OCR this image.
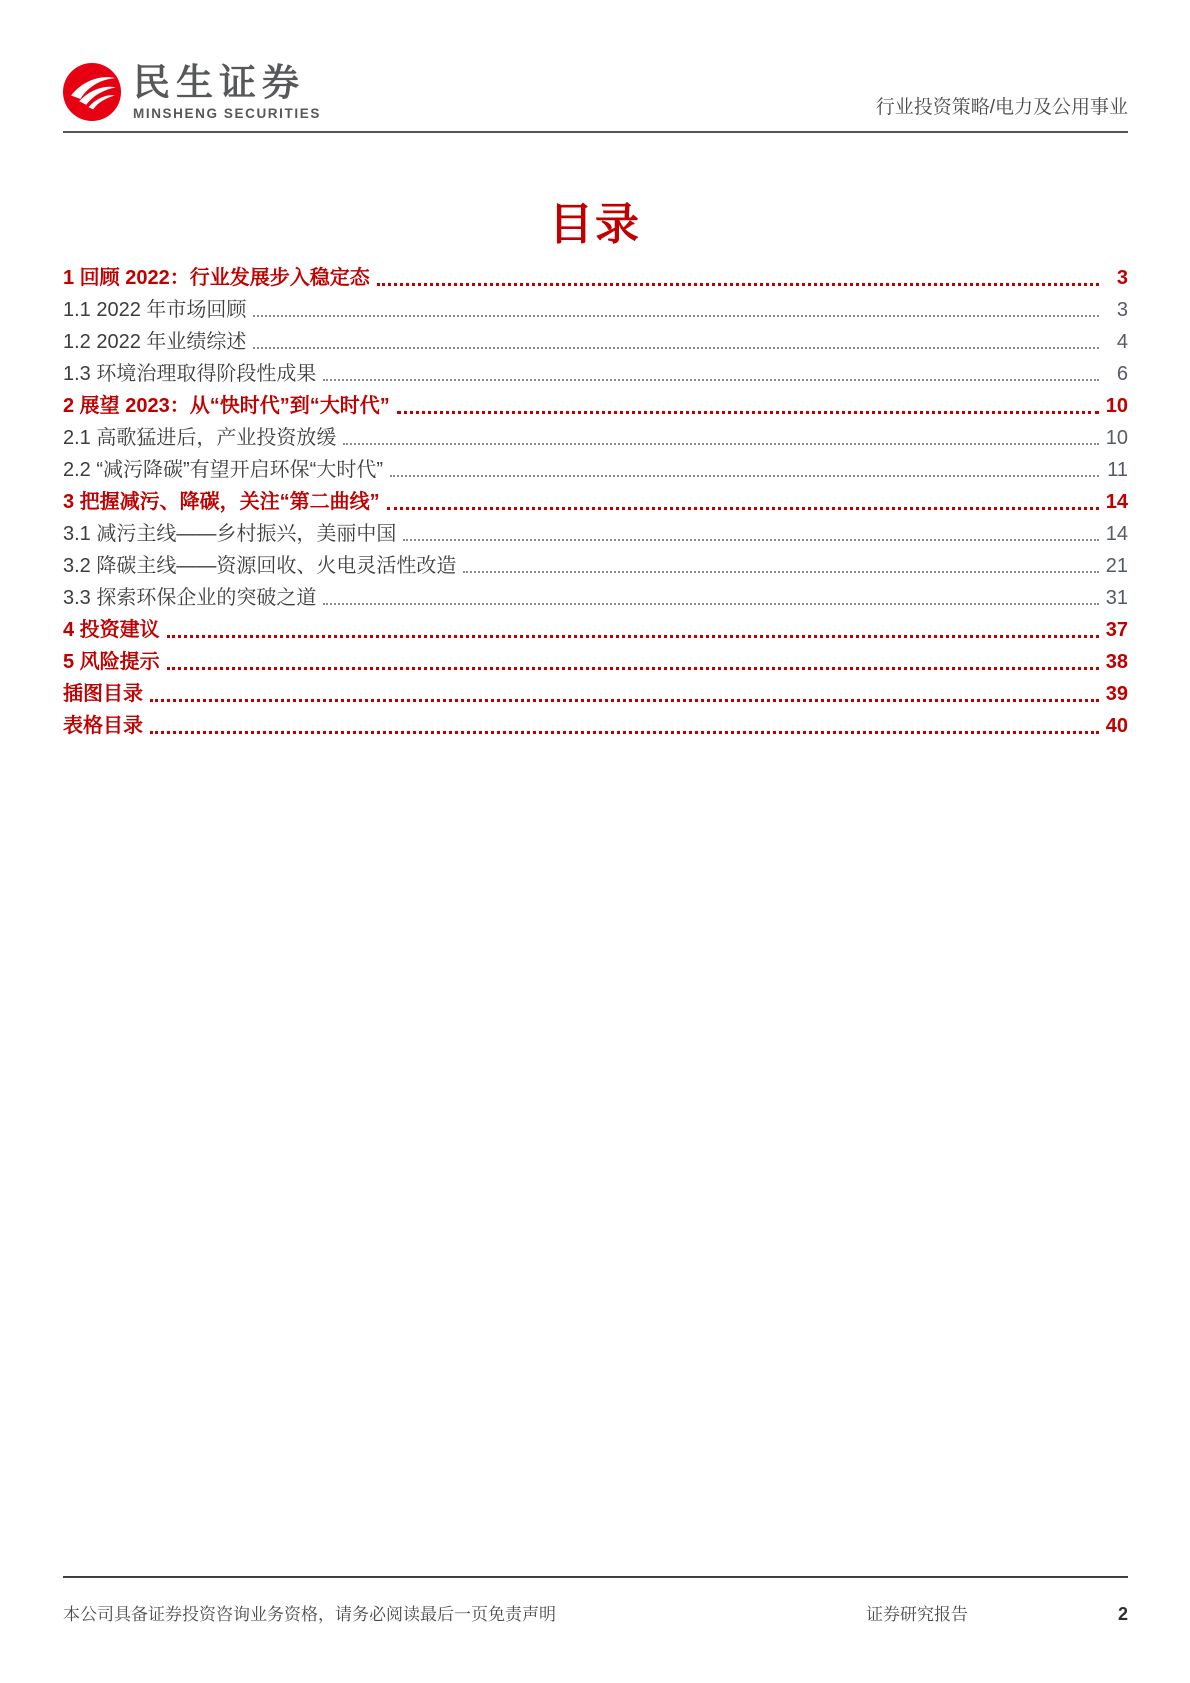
民生证券
MINSHENG SECURITIES	行业投资策略/电力及公用事业
目录
1 回顾 2022：行业发展步入稳定态	3
1.1 2022 年市场回顾	3
1.2 2022 年业绩综述	4
1.3 环境治理取得阶段性成果	6
2 展望 2023：从“快时代”到“大时代”	10
2.1 高歌猛进后，产业投资放缓	10
2.2 “减污降碳”有望开启环保“大时代”	11
3 把握减污、降碳，关注“第二曲线”	14
3.1 减污主线——乡村振兴，美丽中国	14
3.2 降碳主线——资源回收、火电灵活性改造	21
3.3 探索环保企业的突破之道	31
4 投资建议	37
5 风险提示	38
插图目录	39
表格目录	40
本公司具备证券投资咨询业务资格，请务必阅读最后一页免责声明	证券研究报告	2
